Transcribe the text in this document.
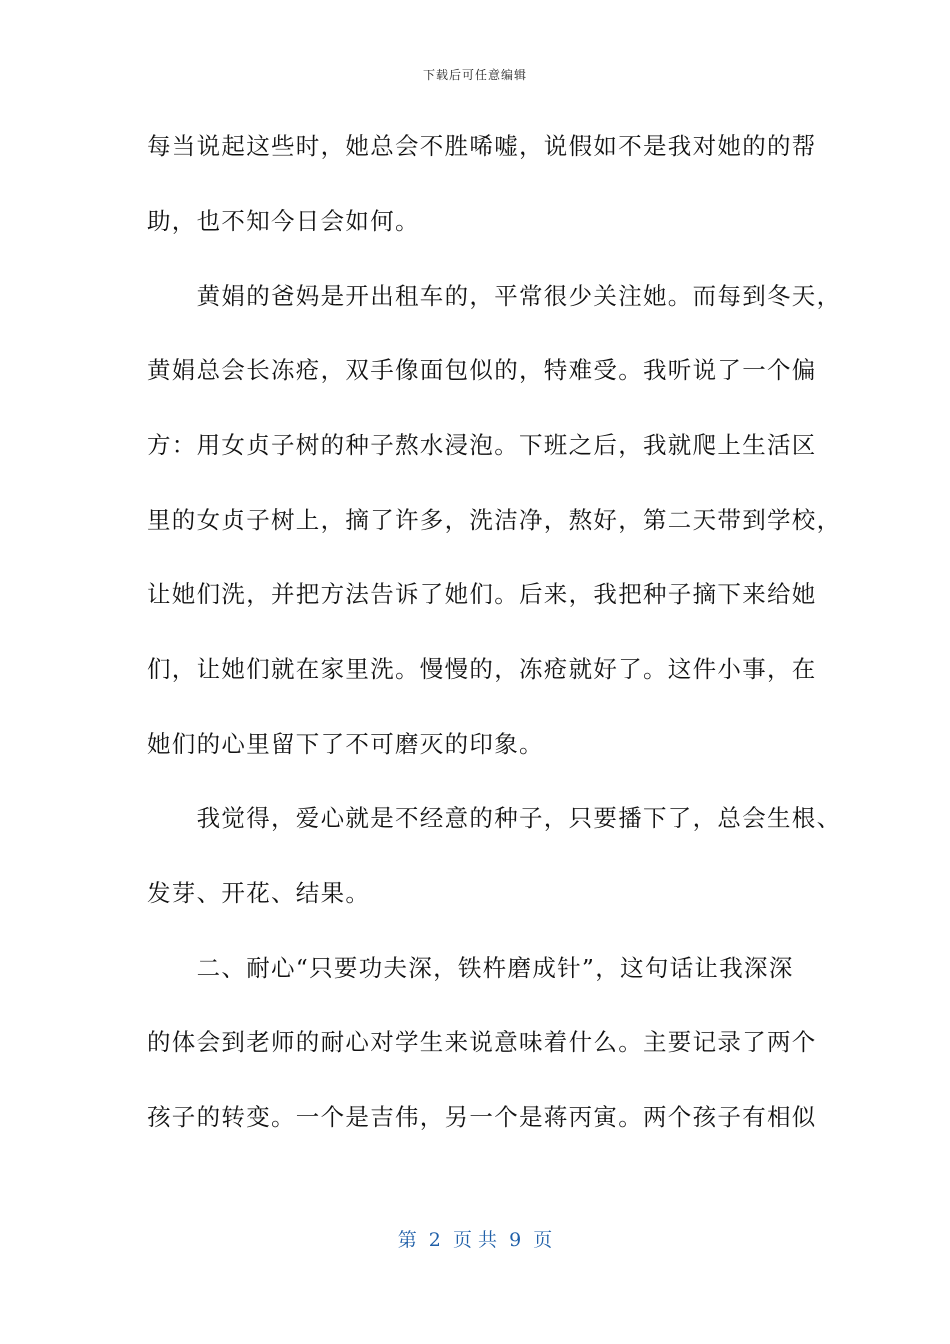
下载后可任意编辑
每当说起这些时，她总会不胜唏嘘，说假如不是我对她的的帮
助，也不知今日会如何。
　　黄娟的爸妈是开出租车的，平常很少关注她。而每到冬天，
黄娟总会长冻疮，双手像面包似的，特难受。我听说了一个偏
方：用女贞子树的种子熬水浸泡。下班之后，我就爬上生活区
里的女贞子树上，摘了许多，洗洁净，熬好，第二天带到学校，
让她们洗，并把方法告诉了她们。后来，我把种子摘下来给她
们，让她们就在家里洗。慢慢的，冻疮就好了。这件小事，在
她们的心里留下了不可磨灭的印象。
　　我觉得，爱心就是不经意的种子，只要播下了，总会生根、
发芽、开花、结果。
　　二、耐心“只要功夫深，铁杵磨成针”，这句话让我深深
的体会到老师的耐心对学生来说意味着什么。主要记录了两个
孩子的转变。一个是吉伟，另一个是蒋丙寅。两个孩子有相似
第  2  页 共  9  页
